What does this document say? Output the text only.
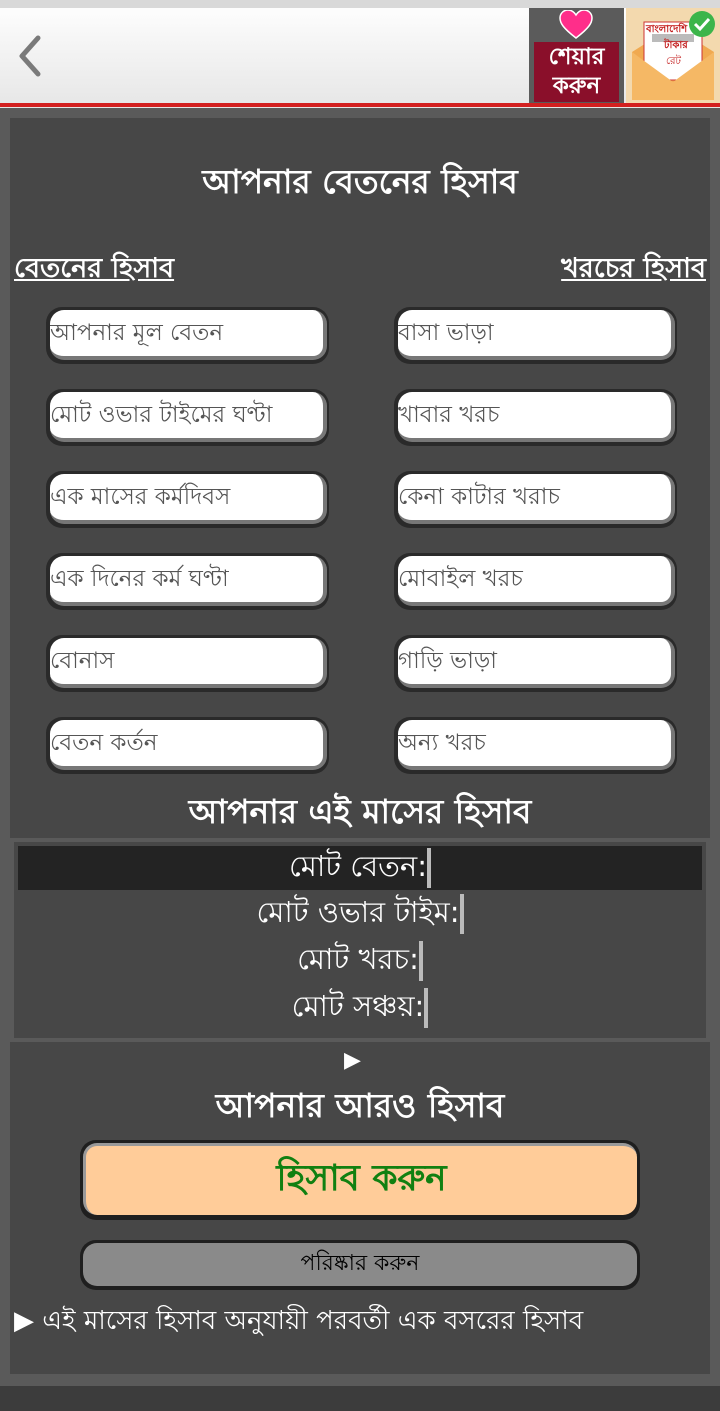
শেয়ার
করুন
বাংলাদেশি
টাকার
রেট
আপনার বেতনের হিসাব
বেতনের হিসাব	খরচের হিসাব
আপনার মূল বেতন
মোট ওভার টাইমের ঘণ্টা
এক মাসের কর্মদিবস
এক দিনের কর্ম ঘণ্টা
বোনাস
বেতন কর্তন
বাসা ভাড়া
খাবার খরচ
কেনা কাটার খরাচ
মোবাইল খরচ
গাড়ি ভাড়া
অন্য খরচ
আপনার এই মাসের হিসাব
মোট বেতন:
মোট ওভার টাইম:
মোট খরচ:
মোট সঞ্চয়:
▶
আপনার আরও হিসাব
হিসাব করুন
পরিষ্কার করুন
▶ এই মাসের হিসাব অনুযায়ী পরবর্তী এক বসরের হিসাব
